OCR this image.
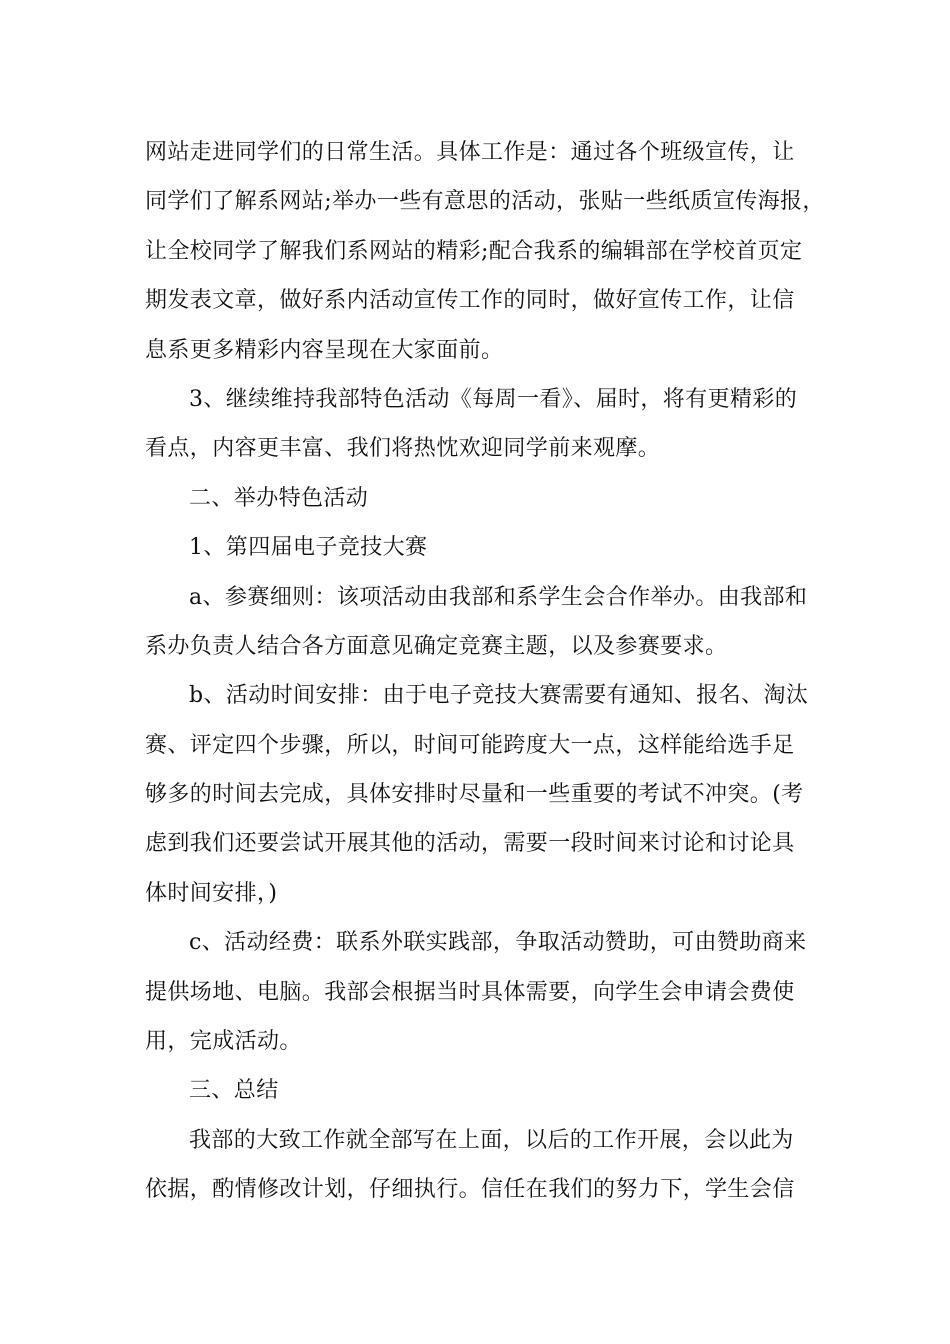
网站走进同学们的日常生活。具体工作是：通过各个班级宣传，让
同学们了解系网站;举办一些有意思的活动，张贴一些纸质宣传海报，
让全校同学了解我们系网站的精彩;配合我系的编辑部在学校首页定
期发表文章，做好系内活动宣传工作的同时，做好宣传工作，让信
息系更多精彩内容呈现在大家面前。
3、继续维持我部特色活动《每周一看》、届时，将有更精彩的
看点，内容更丰富、我们将热忱欢迎同学前来观摩。
二、举办特色活动
1、第四届电子竞技大赛
a、参赛细则：该项活动由我部和系学生会合作举办。由我部和
系办负责人结合各方面意见确定竞赛主题，以及参赛要求。
b、活动时间安排：由于电子竞技大赛需要有通知、报名、淘汰
赛、评定四个步骤，所以，时间可能跨度大一点，这样能给选手足
够多的时间去完成，具体安排时尽量和一些重要的考试不冲突。(考
虑到我们还要尝试开展其他的活动，需要一段时间来讨论和讨论具
体时间安排，)
c、活动经费：联系外联实践部，争取活动赞助，可由赞助商来
提供场地、电脑。我部会根据当时具体需要，向学生会申请会费使
用，完成活动。
三、总结
我部的大致工作就全部写在上面，以后的工作开展，会以此为
依据，酌情修改计划，仔细执行。信任在我们的努力下，学生会信
